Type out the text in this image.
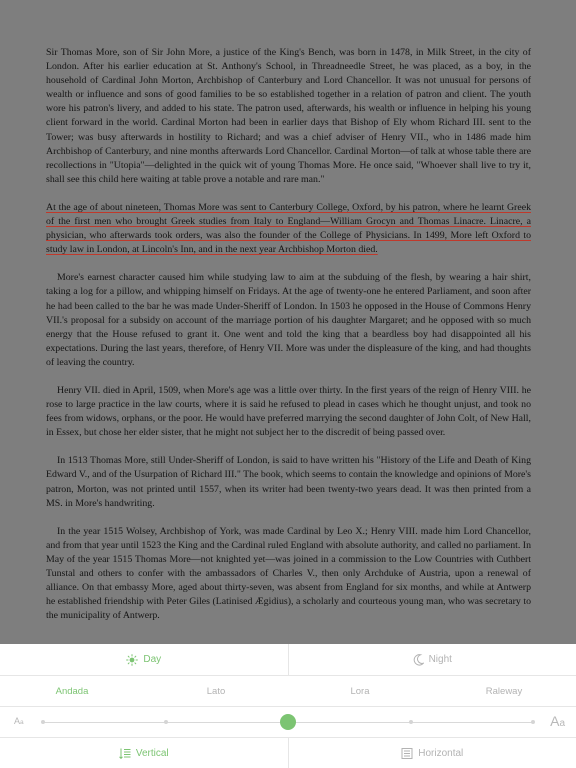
Sir Thomas More, son of Sir John More, a justice of the King's Bench, was born in 1478, in Milk Street, in the city of London. After his earlier education at St. Anthony's School, in Threadneedle Street, he was placed, as a boy, in the household of Cardinal John Morton, Archbishop of Canterbury and Lord Chancellor. It was not unusual for persons of wealth or influence and sons of good families to be so established together in a relation of patron and client. The youth wore his patron's livery, and added to his state. The patron used, afterwards, his wealth or influence in helping his young client forward in the world. Cardinal Morton had been in earlier days that Bishop of Ely whom Richard III. sent to the Tower; was busy afterwards in hostility to Richard; and was a chief adviser of Henry VII., who in 1486 made him Archbishop of Canterbury, and nine months afterwards Lord Chancellor. Cardinal Morton—of talk at whose table there are recollections in "Utopia"—delighted in the quick wit of young Thomas More. He once said, "Whoever shall live to try it, shall see this child here waiting at table prove a notable and rare man."

At the age of about nineteen, Thomas More was sent to Canterbury College, Oxford, by his patron, where he learnt Greek of the first men who brought Greek studies from Italy to England—William Grocyn and Thomas Linacre. Linacre, a physician, who afterwards took orders, was also the founder of the College of Physicians. In 1499, More left Oxford to study law in London, at Lincoln's Inn, and in the next year Archbishop Morton died.

More's earnest character caused him while studying law to aim at the subduing of the flesh, by wearing a hair shirt, taking a log for a pillow, and whipping himself on Fridays. At the age of twenty-one he entered Parliament, and soon after he had been called to the bar he was made Under-Sheriff of London. In 1503 he opposed in the House of Commons Henry VII.'s proposal for a subsidy on account of the marriage portion of his daughter Margaret; and he opposed with so much energy that the House refused to grant it. One went and told the king that a beardless boy had disappointed all his expectations. During the last years, therefore, of Henry VII. More was under the displeasure of the king, and had thoughts of leaving the country.

Henry VII. died in April, 1509, when More's age was a little over thirty. In the first years of the reign of Henry VIII. he rose to large practice in the law courts, where it is said he refused to plead in cases which he thought unjust, and took no fees from widows, orphans, or the poor. He would have preferred marrying the second daughter of John Colt, of New Hall, in Essex, but chose her elder sister, that he might not subject her to the discredit of being passed over.

In 1513 Thomas More, still Under-Sheriff of London, is said to have written his "History of the Life and Death of King Edward V., and of the Usurpation of Richard III." The book, which seems to contain the knowledge and opinions of More's patron, Morton, was not printed until 1557, when its writer had been twenty-two years dead. It was then printed from a MS. in More's handwriting.

In the year 1515 Wolsey, Archbishop of York, was made Cardinal by Leo X.; Henry VIII. made him Lord Chancellor, and from that year until 1523 the King and the Cardinal ruled England with absolute authority, and called no parliament. In May of the year 1515 Thomas More—not knighted yet—was joined in a commission to the Low Countries with Cuthbert Tunstal and others to confer with the ambassadors of Charles V., then only Archduke of Austria, upon a renewal of alliance. On that embassy More, aged about thirty-seven, was absent from England for six months, and while at Antwerp he established friendship with Peter Giles (Latinised Ægidius), a scholarly and courteous young man, who was secretary to the municipality of Antwerp.

Day	Night
Andada	Lato	Lora	Raleway
Aa	Aa
Vertical	Horizontal
